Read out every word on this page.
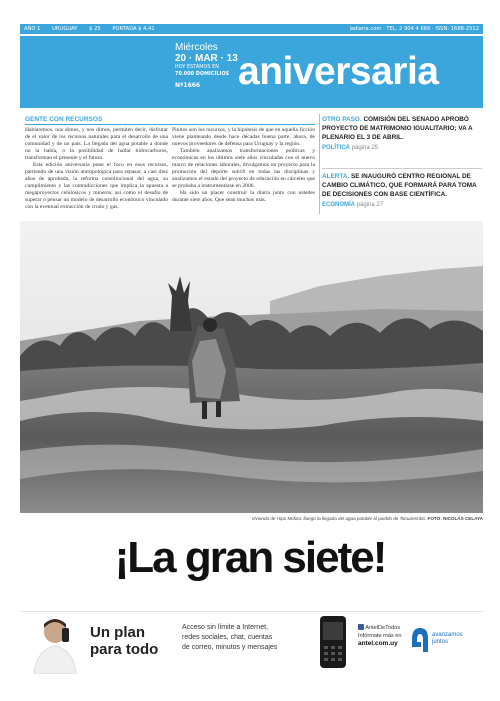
AÑO 1 URUGUAY $ 25 PORTADA $ 4,41	ladiaria.com · TEL. 2 904 4 666 · ISSN: 1688-2512
Miércoles
20 · MAR · 13
HOY ESTAMOS EN
70.000 DOMICILIOS
Nº1666 aniversaria
GENTE CON RECURSOS

Hablaremos, nos dimos, y nos dimos, permiten decir, disfrutar de el valor de los recursos naturales para el desarrollo de una comunidad y de un país. La llegada del agua potable a donde no la había, o la posibilidad de hallar hidrocarburos, transforman el presente y el futuro.

Esta edición aniversaria pone el foco en esos recursos, partiendo de una visión antropológica para repasar, a casi diez años de aprobada, la reforma constitucional del agua, su cumplimiento y las contradicciones que implica la apuesta a megaproyectos celulósicos y mineros, así como el desafío de superar o pensar un modelo de desarrollo económico vinculado con la eventual extracción de crudo y gas.

Pinitos son los recursos, y la hipótesis de que en aquella ficción viene planteando desde hace décadas buena parte, ahora, de nuevos proveedores de defensa para Uruguay y la región.

También analizamos transformaciones políticas y económicas en los últimos siete años vinculadas con el nuevo marco de relaciones laborales, divulgamos un proyecto para la promoción del deporte sub18 en todas las disciplinas y analizamos el estado del proyecto de educación en cárceles que se probaba a instrumentarse en 2006.

Ha sido un placer construir la diaria junto con ustedes durante siete años. Que sean muchos más.

OTRO PASO. COMISIÓN DEL SENADO APROBÓ PROYECTO DE MATRIMONIO IGUALITARIO; VA A PLENARIO EL 3 DE ABRIL.
POLÍTICA página 25
ALERTA. SE INAUGURÓ CENTRO REGIONAL DE CAMBIO CLIMÁTICO, QUE FORMARÁ PARA TOMA DE DECISIONES CON BASE CIENTÍFICA.
ECONOMÍA página 27
Vivienda de Hipo Molina, lluego la llegada del agua potable al pueblo de Tacuarembó. FOTO: NICOLÁS CELAYA
¡La gran siete!
Un plan
para todo
Acceso sin límite a Internet,
redes sociales, chat, cuentas
de correo, minutos y mensajes
AntelDeTodos
Infórmate más en
antel.com.uy
avanzamos
juntos
